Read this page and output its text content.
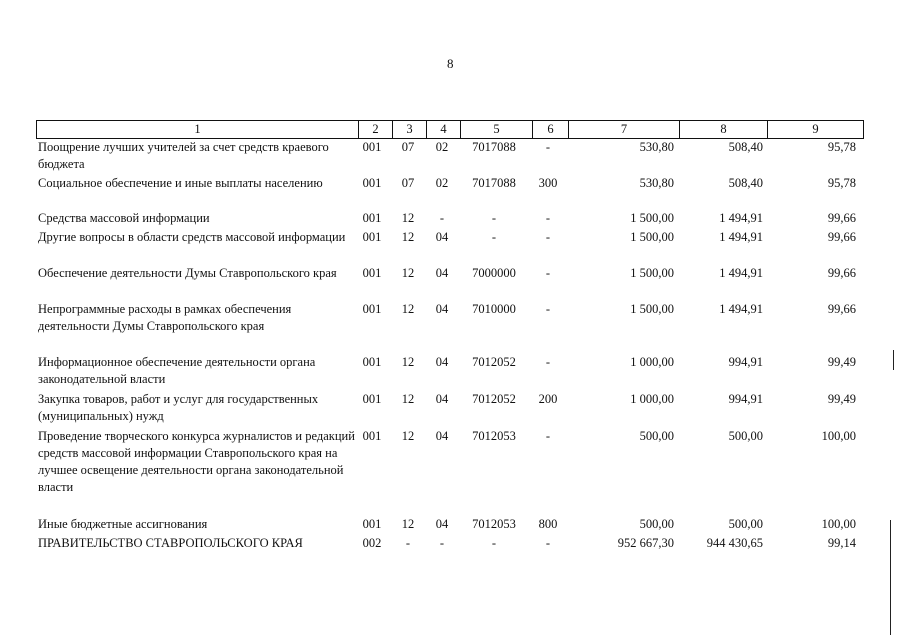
8
1	2	3	4	5	6	7	8	9
Поощрение лучших учителей за счет средств краевого бюджета
001 07	02	7017088	-	530,80	508,40	95,78
Социальное обеспечение и иные выплаты населению	001 07	02	7017088	300	530,80	508,40	95,78
Средства массовой информации	001 12	-	-	-	1 500,00	1 494,91	99,66
Другие вопросы в области средств массовой информации	001 12	04	-	-	1 500,00	1 494,91	99,66
Обеспечение деятельности Думы Ставропольского края	001 12	04	7000000	-	1 500,00	1 494,91	99,66
Непрограммные расходы в рамках обеспечения деятельности Думы Ставропольского края
001 12	04	7010000	-	1 500,00	1 494,91	99,66
Информационное обеспечение деятельности органа законодательной власти
001 12	04	7012052	-	1 000,00	994,91	99,49
Закупка товаров, работ и услуг для государственных (муниципальных) нужд
001 12	04	7012052	200	1 000,00	994,91	99,49
Проведение творческого конкурса журналистов и редакций средств массовой информации Ставропольского края на лучшее освещение деятельности органа законодательной власти
001 12	04	7012053	-	500,00	500,00	100,00
Иные бюджетные ассигнования	001 12	04	7012053	800	500,00	500,00	100,00
ПРАВИТЕЛЬСТВО СТАВРОПОЛЬСКОГО КРАЯ	002	-	-	-	-	952 667,30	944 430,65	99,14
